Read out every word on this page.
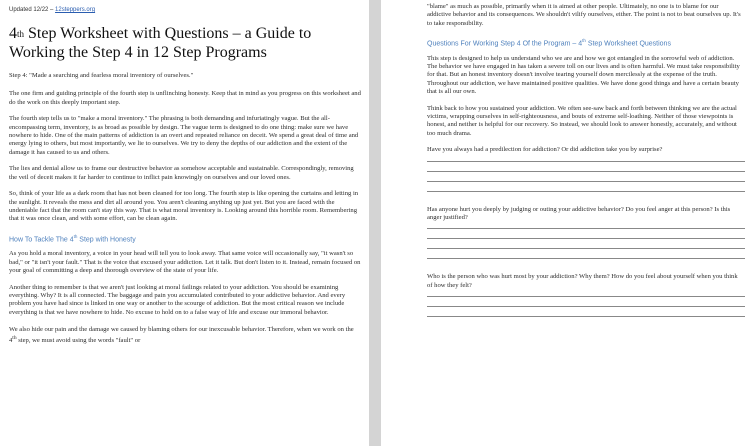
Updated 12/22 – 12steppers.org
4th Step Worksheet with Questions – a Guide to Working the Step 4 in 12 Step Programs

Step 4: "Made a searching and fearless moral inventory of ourselves."

The one firm and guiding principle of the fourth step is unflinching honesty. Keep that in mind as you progress on this worksheet and do the work on this deeply important step.

The fourth step tells us to "make a moral inventory." The phrasing is both demanding and infuriatingly vague. But the all-encompassing term, inventory, is as broad as possible by design. The vague term is designed to do one thing: make sure we have nowhere to hide. One of the main patterns of addiction is an overt and repeated reliance on deceit. We spend a great deal of time and energy lying to others, but most importantly, we lie to ourselves. We try to deny the depths of our addiction and the extent of the damage it has caused to us and others.

The lies and denial allow us to frame our destructive behavior as somehow acceptable and sustainable. Correspondingly, removing the veil of deceit makes it far harder to continue to inflict pain knowingly on ourselves and our loved ones.

So, think of your life as a dark room that has not been cleaned for too long. The fourth step is like opening the curtains and letting in the sunlight. It reveals the mess and dirt all around you. You aren't cleaning anything up just yet. But you are faced with the undeniable fact that the room can't stay this way. That is what moral inventory is. Looking around this horrible room. Remembering that it was once clean, and with some effort, can be clean again.

How To Tackle The 4th Step with Honesty

As you hold a moral inventory, a voice in your head will tell you to look away. That same voice will occasionally say, "it wasn't so bad," or "it isn't your fault." That is the voice that excused your addiction. Let it talk. But don't listen to it. Instead, remain focused on your goal of committing a deep and thorough overview of the state of your life.

Another thing to remember is that we aren't just looking at moral failings related to your addiction. You should be examining everything. Why? It is all connected. The baggage and pain you accumulated contributed to your addictive behavior. And every problem you have had since is linked in one way or another to the scourge of addiction. But the most critical reason we include everything is that we have nowhere to hide. No excuse to hold on to a false way of life and excuse our immoral behavior.

We also hide our pain and the damage we caused by blaming others for our inexcusable behavior. Therefore, when we work on the 4th step, we must avoid using the words "fault" or

"blame" as much as possible, primarily when it is aimed at other people. Ultimately, no one is to blame for our addictive behavior and its consequences. We shouldn't vilify ourselves, either. The point is not to beat ourselves up. It's to take responsibility.

Questions For Working Step 4 Of the Program – 4th Step Worksheet Questions

This step is designed to help us understand who we are and how we got entangled in the sorrowful web of addiction. The behavior we have engaged in has taken a severe toll on our lives and is often harmful. We must take responsibility for that. But an honest inventory doesn't involve tearing yourself down mercilessly at the expense of the truth. Throughout our addiction, we have maintained positive qualities. We have done good things and have a certain beauty that is all our own.

Think back to how you sustained your addiction. We often see-saw back and forth between thinking we are the actual victims, wrapping ourselves in self-righteousness, and bouts of extreme self-loathing. Neither of those viewpoints is honest, and neither is helpful for our recovery. So instead, we should look to answer honestly, accurately, and without too much drama.

Have you always had a predilection for addiction? Or did addiction take you by surprise?

Has anyone hurt you deeply by judging or outing your addictive behavior? Do you feel anger at this person? Is this anger justified?

Who is the person who was hurt most by your addiction? Why them? How do you feel about yourself when you think of how they felt?
